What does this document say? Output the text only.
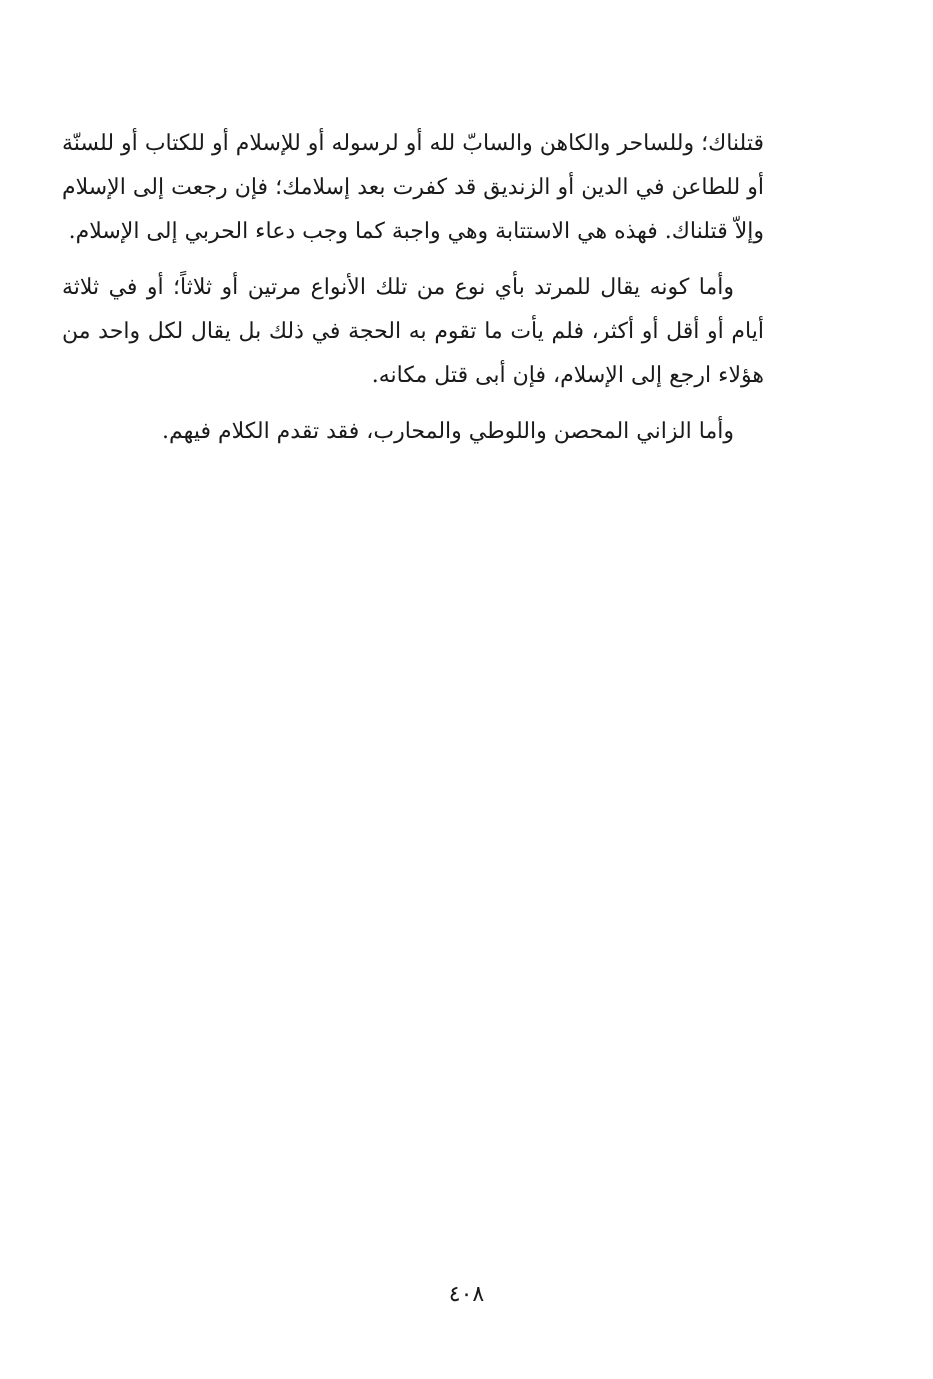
قتلناك؛ وللساحر والكاهن والسابّ لله أو لرسوله أو للإسلام أو للكتاب أو للسنّة أو للطاعن في الدين أو الزنديق قد كفرت بعد إسلامك؛ فإن رجعت إلى الإسلام وإلاّ قتلناك. فهذه هي الاستتابة وهي واجبة كما وجب دعاء الحربي إلى الإسلام.

وأما كونه يقال للمرتد بأي نوع من تلك الأنواع مرتين أو ثلاثاً؛ أو في ثلاثة أيام أو أقل أو أكثر، فلم يأت ما تقوم به الحجة في ذلك بل يقال لكل واحد من هؤلاء ارجع إلى الإسلام، فإن أبى قتل مكانه.

وأما الزاني المحصن واللوطي والمحارب، فقد تقدم الكلام فيهم.

٤٠٨
